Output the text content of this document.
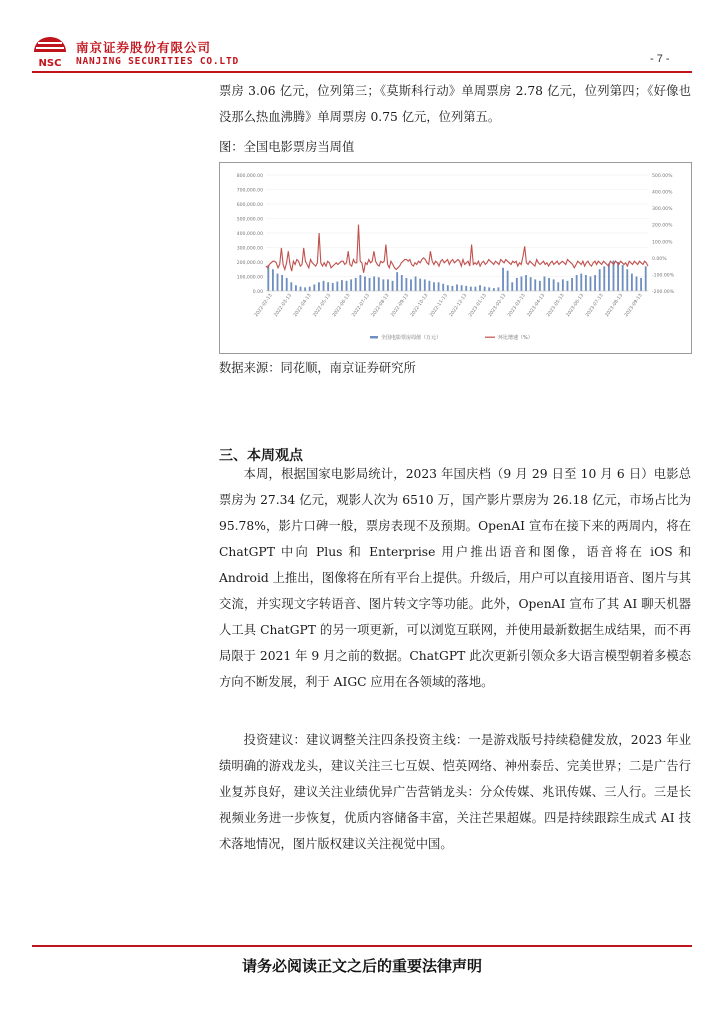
NSC
南京证券股份有限公司
NANJING SECURITIES CO.LTD	- 7 -

票房 3.06 亿元，位列第三；《莫斯科行动》单周票房 2.78 亿元，位列第四；《好像也没那么热血沸腾》单周票房 0.75 亿元，位列第五。

图：全国电影票房当周值

800,000.00
700,000.00
600,000.00
500,000.00
400,000.00
300,000.00
200,000.00
100,000.00
0.00
500.00%
400.00%
300.00%
200.00%
100.00%
0.00%
-100.00%
-200.00%
2022-02-13 2022-03-13 2022-04-13 2022-05-13 2022-06-13 2022-07-13 2022-08-13 2022-09-13 2022-10-13 2022-11-13 2022-12-13 2023-01-13 2023-02-13 2023-03-13 2023-04-13 2023-05-13 2023-06-13 2023-07-13 2023-08-13 2023-09-13
全国电影票房周值（万元）	环比增速（%）

数据来源：同花顺，南京证券研究所

三、本周观点

本周，根据国家电影局统计，2023 年国庆档（9 月 29 日至 10 月 6 日）电影总票房为 27.34 亿元，观影人次为 6510 万，国产影片票房为 26.18 亿元，市场占比为 95.78%，影片口碑一般，票房表现不及预期。OpenAI 宣布在接下来的两周内，将在 ChatGPT 中向 Plus 和 Enterprise 用户推出语音和图像，语音将在 iOS 和 Android 上推出，图像将在所有平台上提供。升级后，用户可以直接用语音、图片与其交流，并实现文字转语音、图片转文字等功能。此外，OpenAI 宣布了其 AI 聊天机器人工具 ChatGPT 的另一项更新，可以浏览互联网，并使用最新数据生成结果，而不再局限于 2021 年 9 月之前的数据。ChatGPT 此次更新引领众多大语言模型朝着多模态方向不断发展，利于 AIGC 应用在各领域的落地。

投资建议：建议调整关注四条投资主线：一是游戏版号持续稳健发放，2023 年业绩明确的游戏龙头，建议关注三七互娱、恺英网络、神州泰岳、完美世界；二是广告行业复苏良好，建议关注业绩优异广告营销龙头：分众传媒、兆讯传媒、三人行。三是长视频业务进一步恢复，优质内容储备丰富，关注芒果超媒。四是持续跟踪生成式 AI 技术落地情况，图片版权建议关注视觉中国。

请务必阅读正文之后的重要法律声明
